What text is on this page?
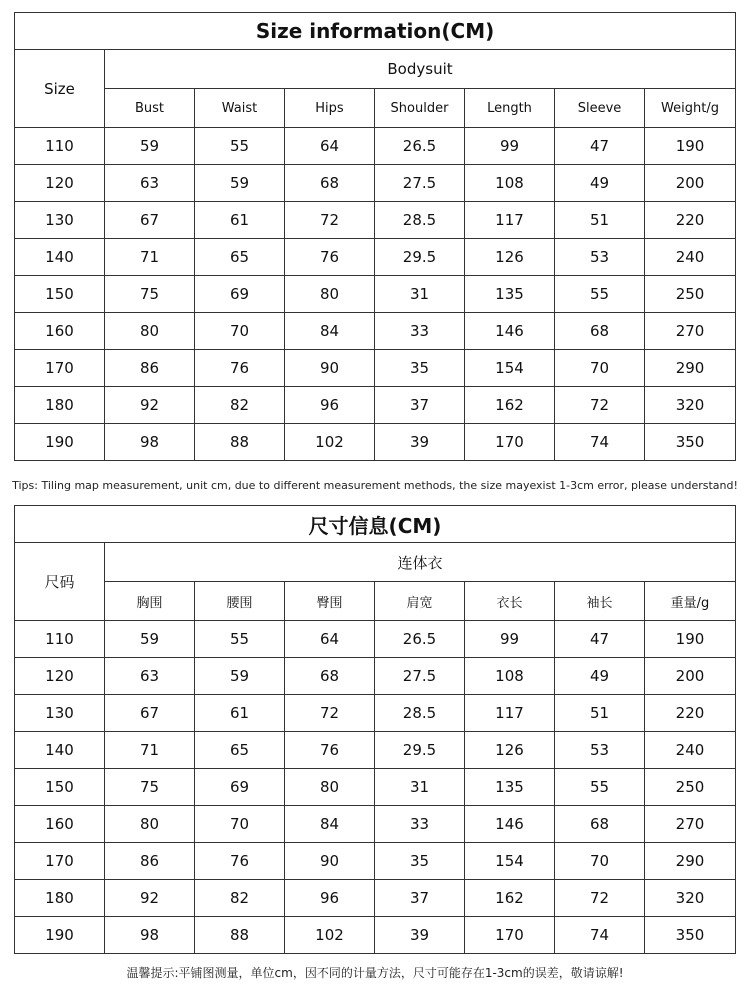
Size information(CM)							
Size	Bodysuit						
	Bust	Waist	Hips	Shoulder	Length	Sleeve	Weight/g
110	59	55	64	26.5	99	47	190
120	63	59	68	27.5	108	49	200
130	67	61	72	28.5	117	51	220
140	71	65	76	29.5	126	53	240
150	75	69	80	31	135	55	250
160	80	70	84	33	146	68	270
170	86	76	90	35	154	70	290
180	92	82	96	37	162	72	320
190	98	88	102	39	170	74	350
Tips: Tiling map measurement, unit cm, due to different measurement methods, the size mayexist 1-3cm error, please understand!
尺寸信息(CM)							
尺码	连体衣						
	胸围	腰围	臀围	肩宽	衣长	袖长	重量/g
110	59	55	64	26.5	99	47	190
120	63	59	68	27.5	108	49	200
130	67	61	72	28.5	117	51	220
140	71	65	76	29.5	126	53	240
150	75	69	80	31	135	55	250
160	80	70	84	33	146	68	270
170	86	76	90	35	154	70	290
180	92	82	96	37	162	72	320
190	98	88	102	39	170	74	350
温馨提示:平铺图测量，单位cm，因不同的计量方法，尺寸可能存在1-3cm的误差，敬请谅解!
